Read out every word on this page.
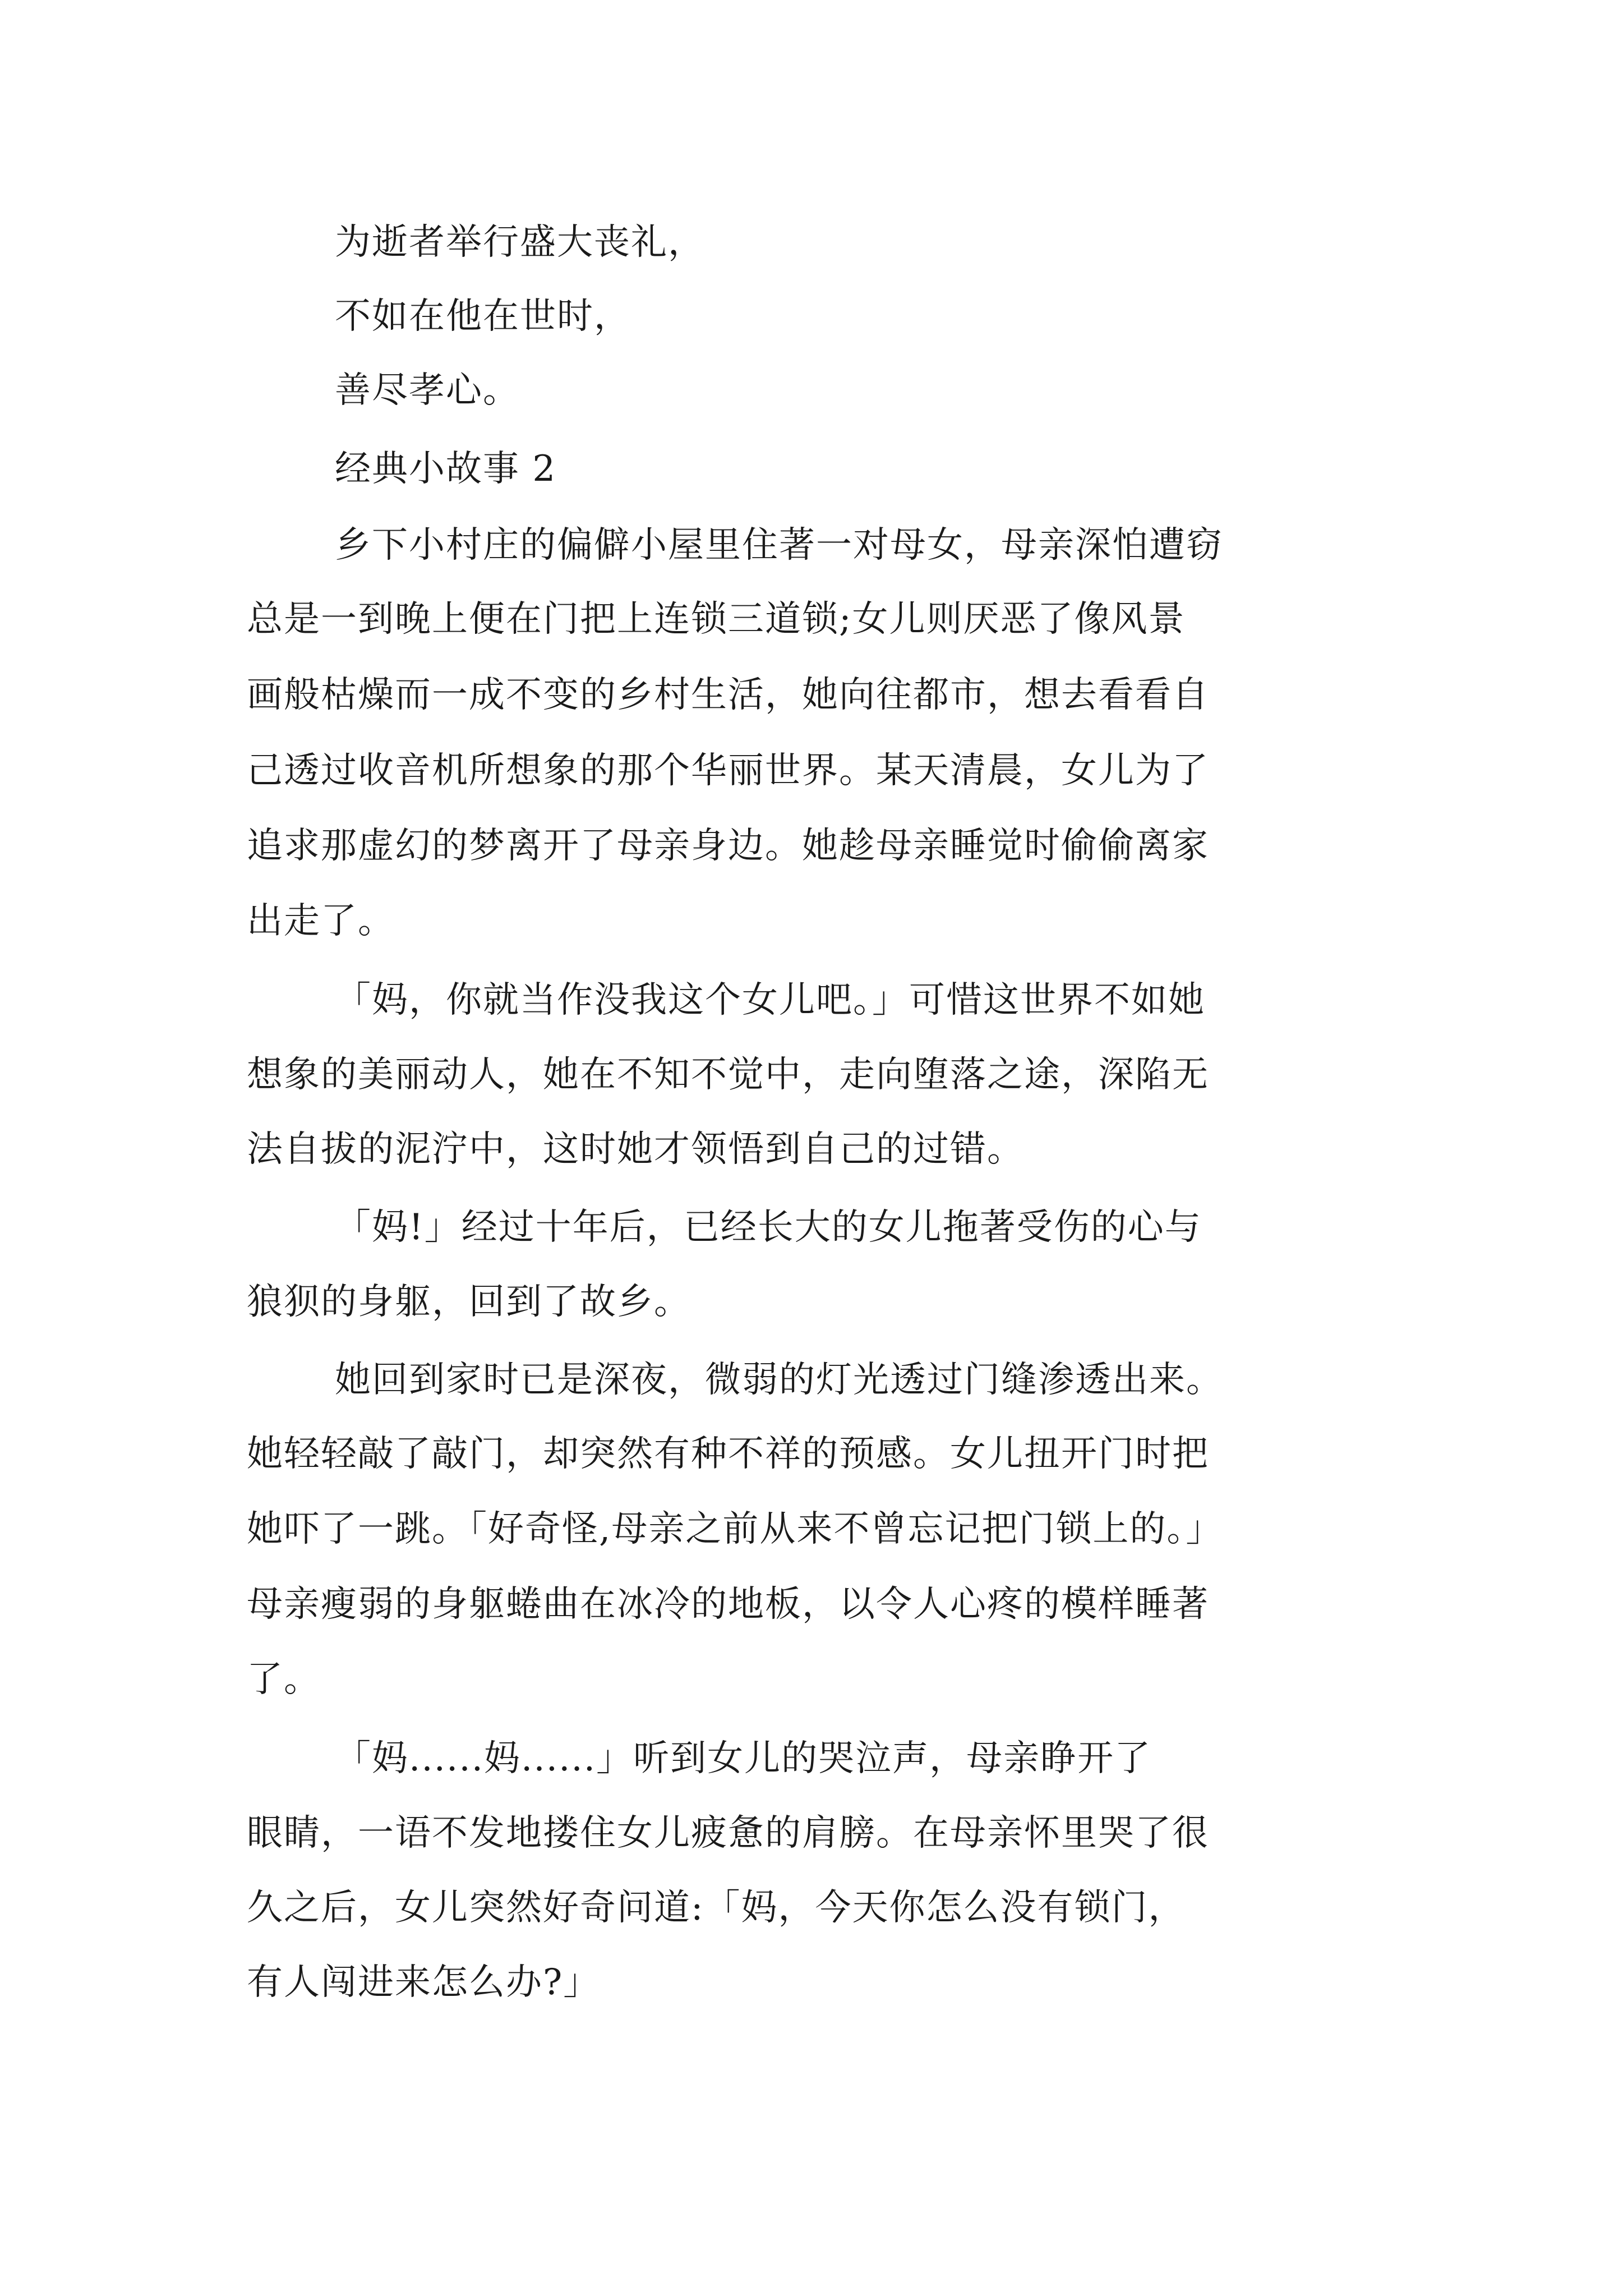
为逝者举行盛大丧礼，
不如在他在世时，
善尽孝心。
经典小故事 2
乡下小村庄的偏僻小屋里住著一对母女，母亲深怕遭窃
总是一到晚上便在门把上连锁三道锁;女儿则厌恶了像风景
画般枯燥而一成不变的乡村生活，她向往都市，想去看看自
己透过收音机所想象的那个华丽世界。某天清晨，女儿为了
追求那虚幻的梦离开了母亲身边。她趁母亲睡觉时偷偷离家
出走了。
「妈，你就当作没我这个女儿吧。」可惜这世界不如她
想象的美丽动人，她在不知不觉中，走向堕落之途，深陷无
法自拔的泥泞中，这时她才领悟到自己的过错。
「妈!」经过十年后，已经长大的女儿拖著受伤的心与
狼狈的身躯，回到了故乡。
她回到家时已是深夜，微弱的灯光透过门缝渗透出来。
她轻轻敲了敲门，却突然有种不祥的预感。女儿扭开门时把
她吓了一跳。「好奇怪,母亲之前从来不曾忘记把门锁上的。」
母亲瘦弱的身躯蜷曲在冰冷的地板，以令人心疼的模样睡著
了。
「妈......妈......」听到女儿的哭泣声，母亲睁开了
眼睛，一语不发地搂住女儿疲惫的肩膀。在母亲怀里哭了很
久之后，女儿突然好奇问道:「妈，今天你怎么没有锁门，
有人闯进来怎么办?」
